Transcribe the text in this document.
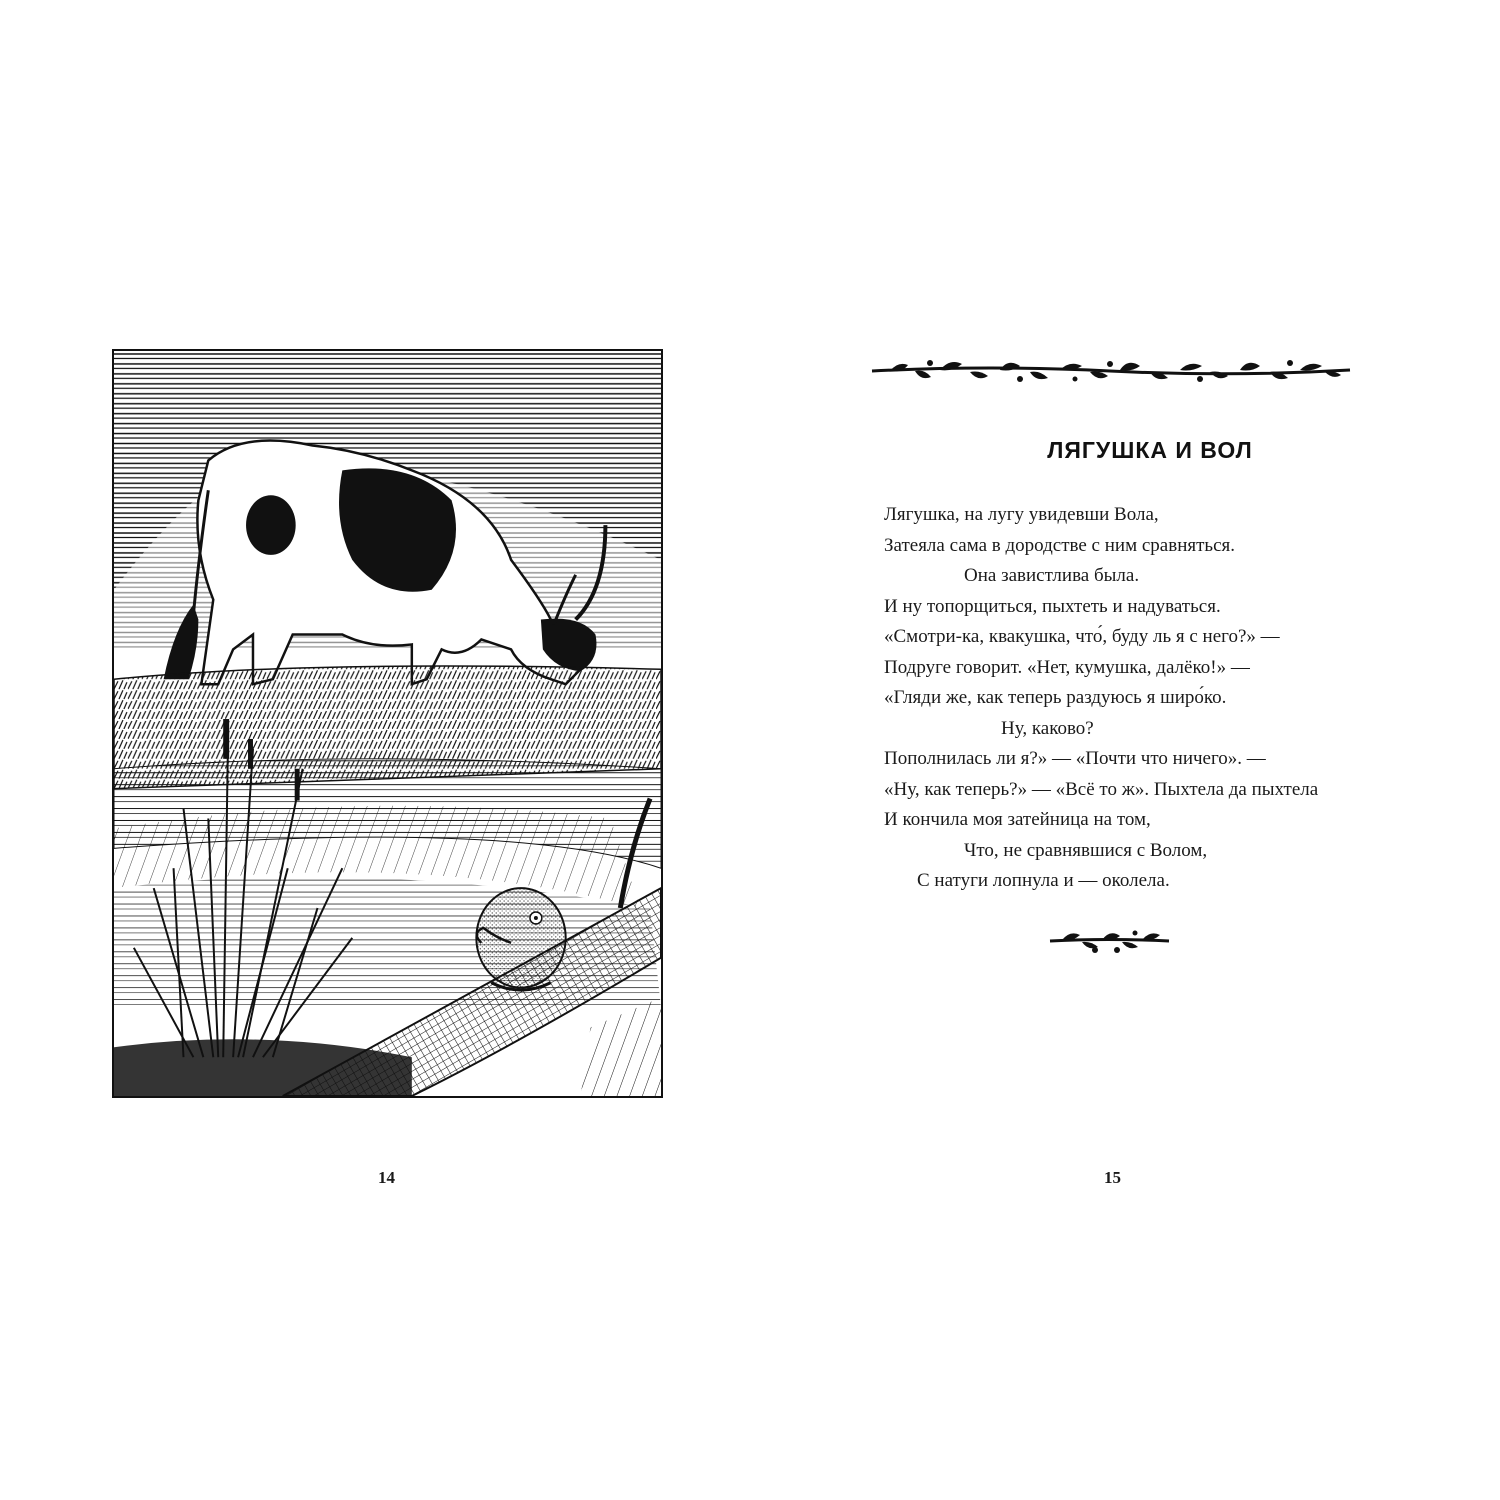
14
ЛЯГУШКА И ВОЛ
Лягушка, на лугу увидевши Вола,
Затеяла сама в дородстве с ним сравняться.
Она завистлива была.
И ну топорщиться, пыхтеть и надуваться.
«Смотри-ка, квакушка, что́, буду ль я с него?» —
Подруге говорит. «Нет, кумушка, далёко!» —
«Гляди же, как теперь раздуюсь я широ́ко.
Ну, каково?
Пополнилась ли я?» — «Почти что ничего». —
«Ну, как теперь?» — «Всё то ж». Пыхтела да пыхтела
И кончила моя затейница на том,
Что, не сравнявшися с Волом,
С натуги лопнула и — околела.
15
